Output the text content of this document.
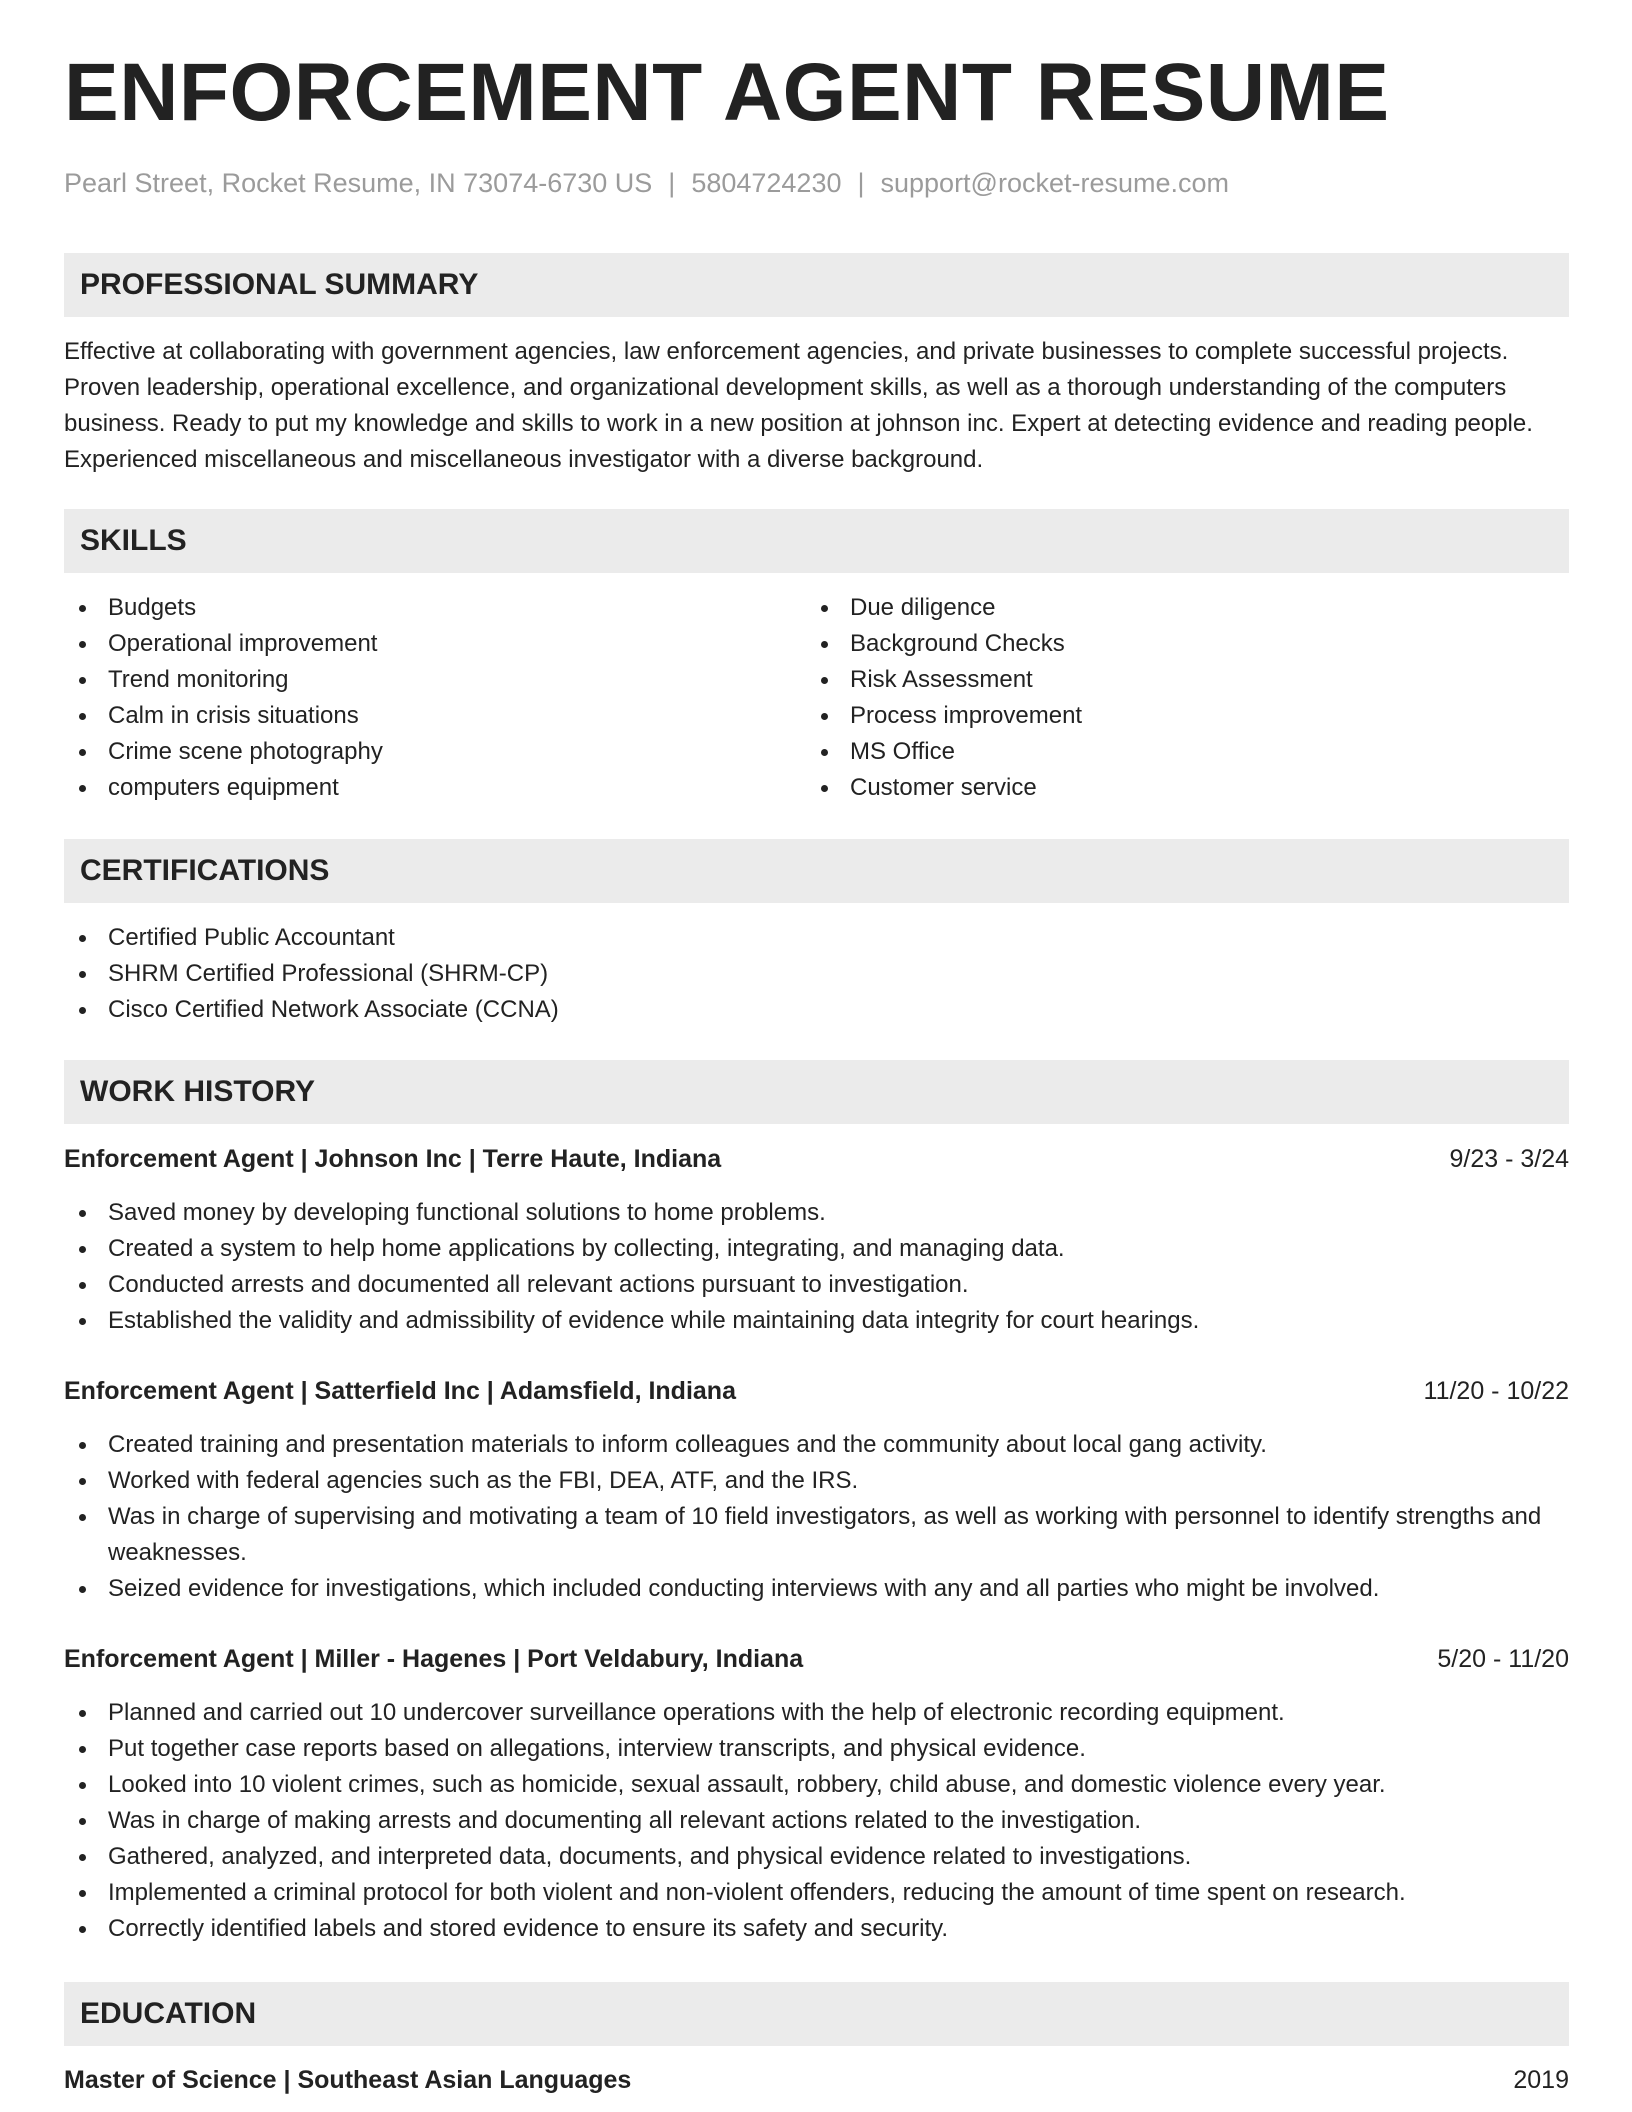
ENFORCEMENT AGENT RESUME
Pearl Street, Rocket Resume, IN 73074-6730 US | 5804724230 | support@rocket-resume.com
PROFESSIONAL SUMMARY

Effective at collaborating with government agencies, law enforcement agencies, and private businesses to complete successful projects. Proven leadership, operational excellence, and organizational development skills, as well as a thorough understanding of the computers business. Ready to put my knowledge and skills to work in a new position at johnson inc. Expert at detecting evidence and reading people. Experienced miscellaneous and miscellaneous investigator with a diverse background.

SKILLS
Budgets
Operational improvement
Trend monitoring
Calm in crisis situations
Crime scene photography
computers equipment
Due diligence
Background Checks
Risk Assessment
Process improvement
MS Office
Customer service
CERTIFICATIONS
Certified Public Accountant
SHRM Certified Professional (SHRM-CP)
Cisco Certified Network Associate (CCNA)
WORK HISTORY
Enforcement Agent | Johnson Inc | Terre Haute, Indiana	9/23 - 3/24
Saved money by developing functional solutions to home problems.
Created a system to help home applications by collecting, integrating, and managing data.
Conducted arrests and documented all relevant actions pursuant to investigation.
Established the validity and admissibility of evidence while maintaining data integrity for court hearings.
Enforcement Agent | Satterfield Inc | Adamsfield, Indiana	11/20 - 10/22
Created training and presentation materials to inform colleagues and the community about local gang activity.
Worked with federal agencies such as the FBI, DEA, ATF, and the IRS.
Was in charge of supervising and motivating a team of 10 field investigators, as well as working with personnel to identify strengths and weaknesses.
Seized evidence for investigations, which included conducting interviews with any and all parties who might be involved.
Enforcement Agent | Miller - Hagenes | Port Veldabury, Indiana	5/20 - 11/20
Planned and carried out 10 undercover surveillance operations with the help of electronic recording equipment.
Put together case reports based on allegations, interview transcripts, and physical evidence.
Looked into 10 violent crimes, such as homicide, sexual assault, robbery, child abuse, and domestic violence every year.
Was in charge of making arrests and documenting all relevant actions related to the investigation.
Gathered, analyzed, and interpreted data, documents, and physical evidence related to investigations.
Implemented a criminal protocol for both violent and non-violent offenders, reducing the amount of time spent on research.
Correctly identified labels and stored evidence to ensure its safety and security.
EDUCATION
Master of Science | Southeast Asian Languages	2019
